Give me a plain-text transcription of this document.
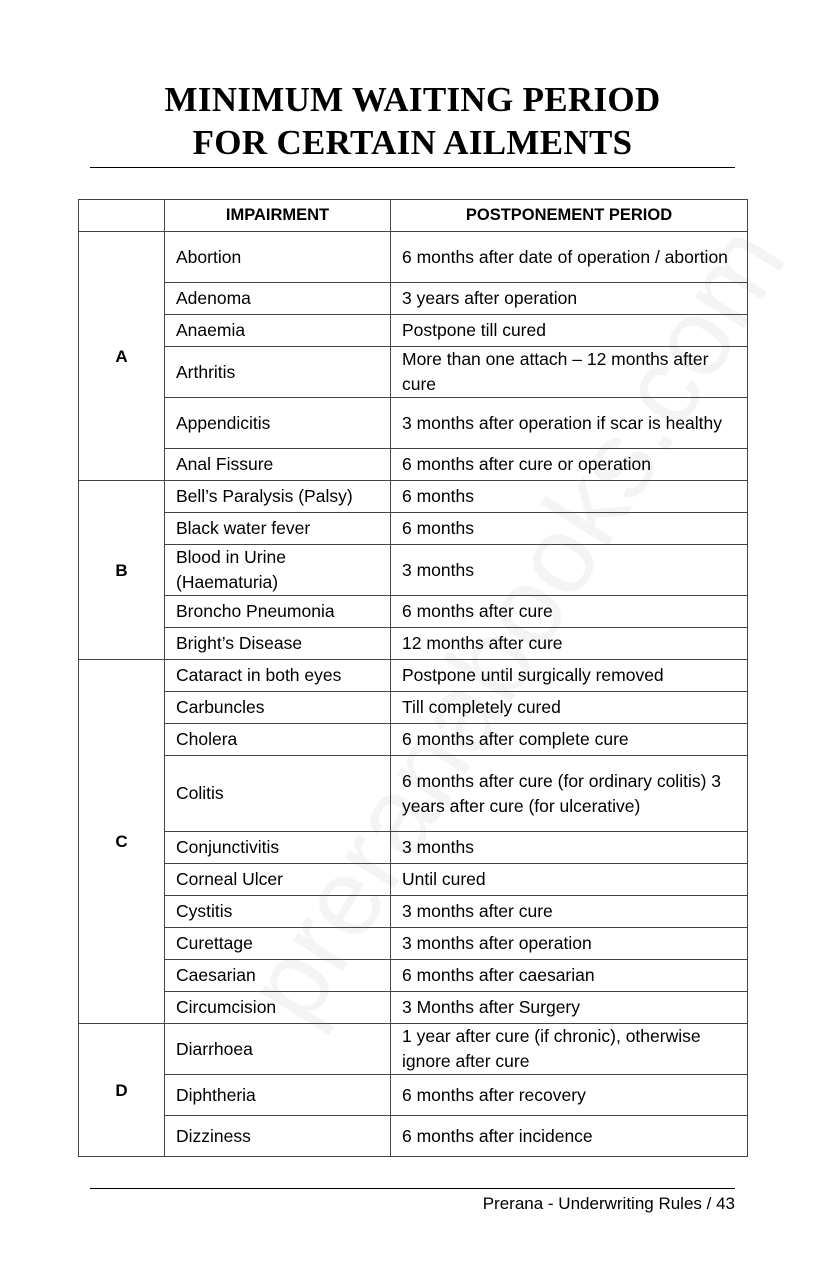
MINIMUM WAITING PERIOD
FOR CERTAIN AILMENTS
	IMPAIRMENT	POSTPONEMENT PERIOD
A	Abortion	6 months after date of operation / abortion
	Adenoma	3 years after operation
	Anaemia	Postpone till cured
	Arthritis	More than one attach – 12 months after cure
	Appendicitis	3 months after operation if scar is healthy
	Anal Fissure	6 months after cure or operation
B	Bell’s Paralysis (Palsy)	6 months
	Black water fever	6 months
	Blood in Urine (Haematuria)	3 months
	Broncho Pneumonia	6 months after cure
	Bright’s Disease	12 months after cure
C	Cataract in both eyes	Postpone until surgically removed
	Carbuncles	Till completely cured
	Cholera	6 months after complete cure
	Colitis	6 months after cure (for ordinary colitis) 3 years after cure (for ulcerative)
	Conjunctivitis	3 months
	Corneal Ulcer	Until cured
	Cystitis	3 months after cure
	Curettage	3 months after operation
	Caesarian	6 months after caesarian
	Circumcision	3 Months after Surgery
D	Diarrhoea	1 year after cure (if chronic), otherwise ignore after cure
	Diphtheria	6 months after recovery
	Dizziness	6 months after incidence
Prerana - Underwriting Rules / 43
